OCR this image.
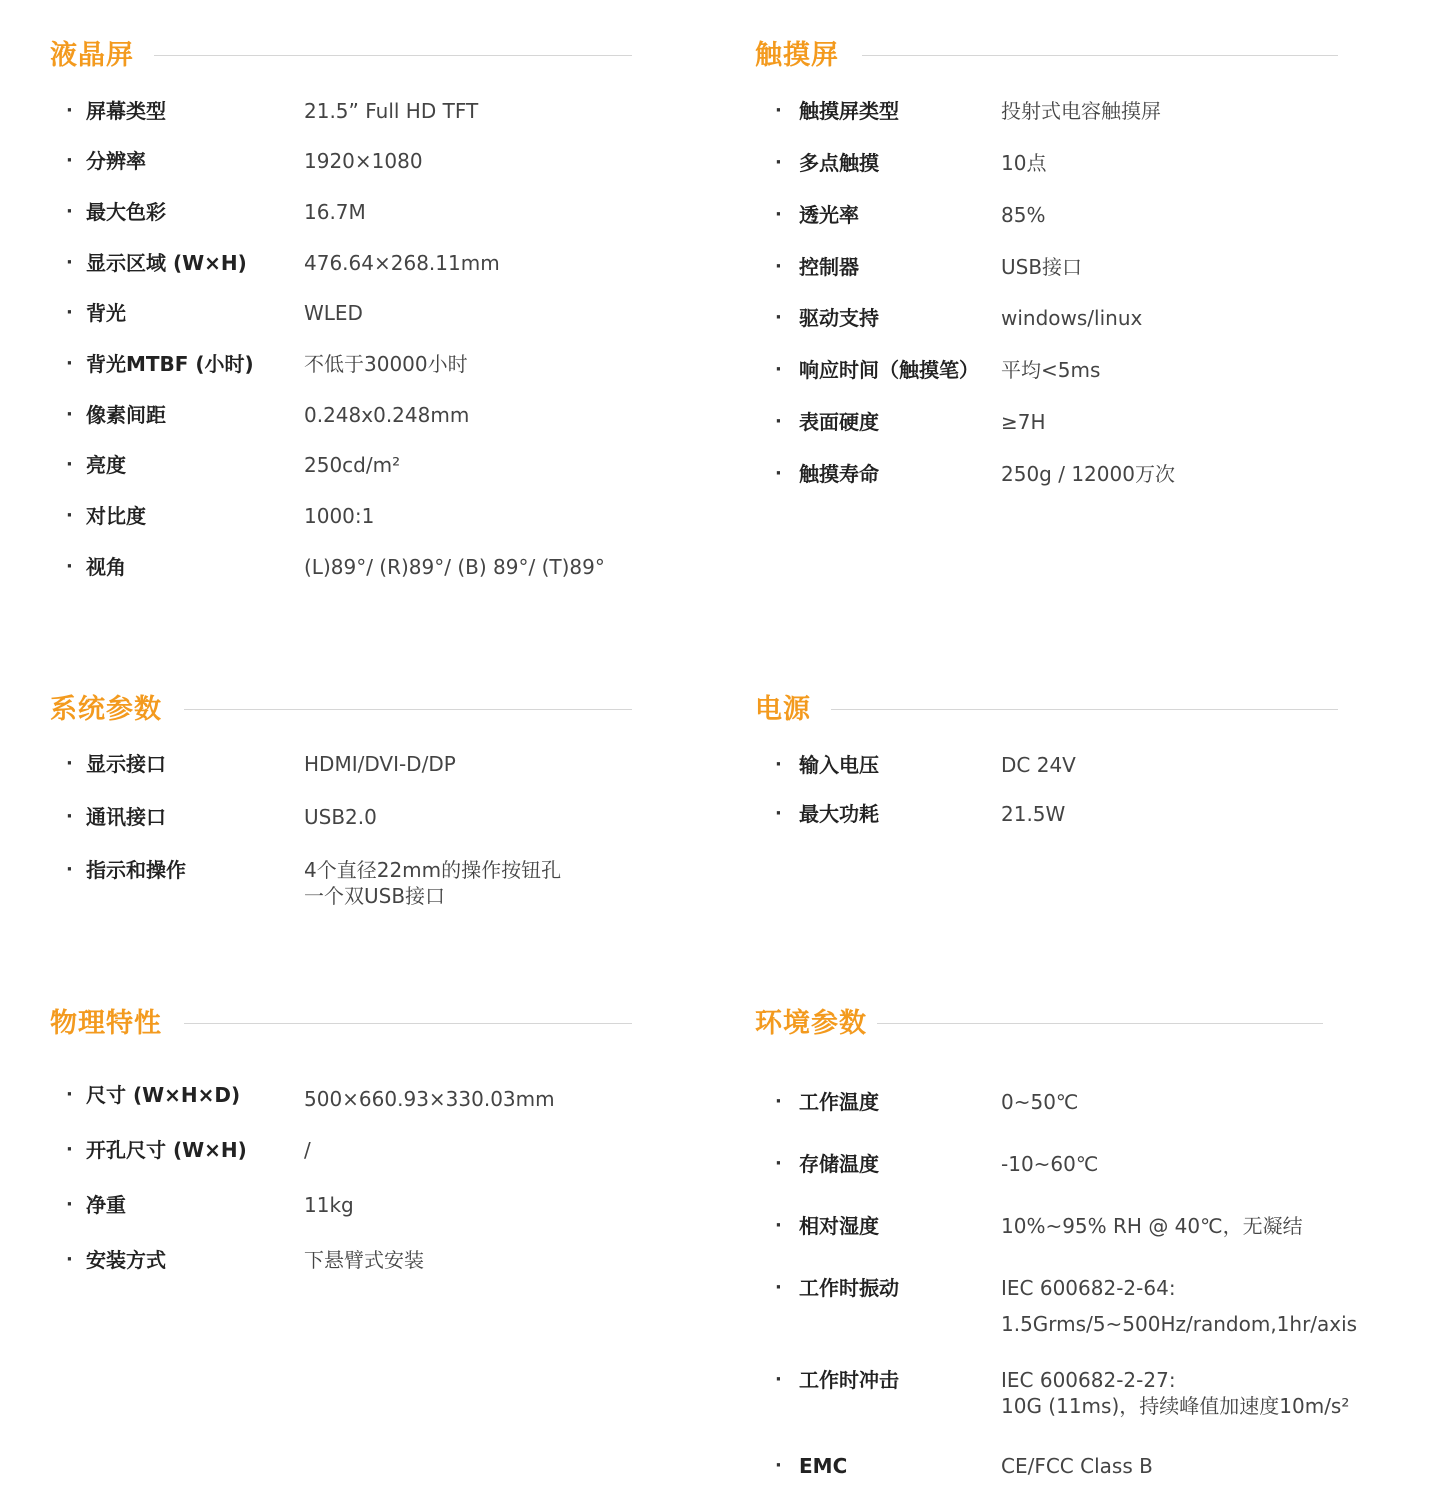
液晶屏
· 屏幕类型	21.5” Full HD TFT
· 分辨率	1920×1080
· 最大色彩	16.7M
· 显示区域 (W×H)	476.64×268.11mm
· 背光	WLED
· 背光MTBF (小时)	不低于30000小时
· 像素间距	0.248x0.248mm
· 亮度	250cd/m²
· 对比度	1000:1
· 视角	(L)89°/ (R)89°/ (B) 89°/ (T)89°
触摸屏
· 触摸屏类型	投射式电容触摸屏
· 多点触摸	10点
· 透光率	85%
· 控制器	USB接口
· 驱动支持	windows/linux
· 响应时间（触摸笔） 平均<5ms
· 表面硬度	≥7H
· 触摸寿命	250g / 12000万次
系统参数
· 显示接口	HDMI/DVI-D/DP
· 通讯接口	USB2.0
· 指示和操作	4个直径22mm的操作按钮孔
一个双USB接口
电源
· 输入电压	DC 24V
· 最大功耗	21.5W
物理特性
· 尺寸 (W×H×D)	500×660.93×330.03mm
· 开孔尺寸 (W×H)	/
· 净重	11kg
· 安装方式	下悬臂式安装
环境参数
· 工作温度	0~50℃
· 存储温度	-10~60℃
· 相对湿度	10%~95% RH @ 40℃，无凝结
· 工作时振动	IEC 600682-2-64:
1.5Grms/5~500Hz/random,1hr/axis
· 工作时冲击	IEC 600682-2-27:
10G (11ms)，持续峰值加速度10m/s²
· EMC	CE/FCC Class B
